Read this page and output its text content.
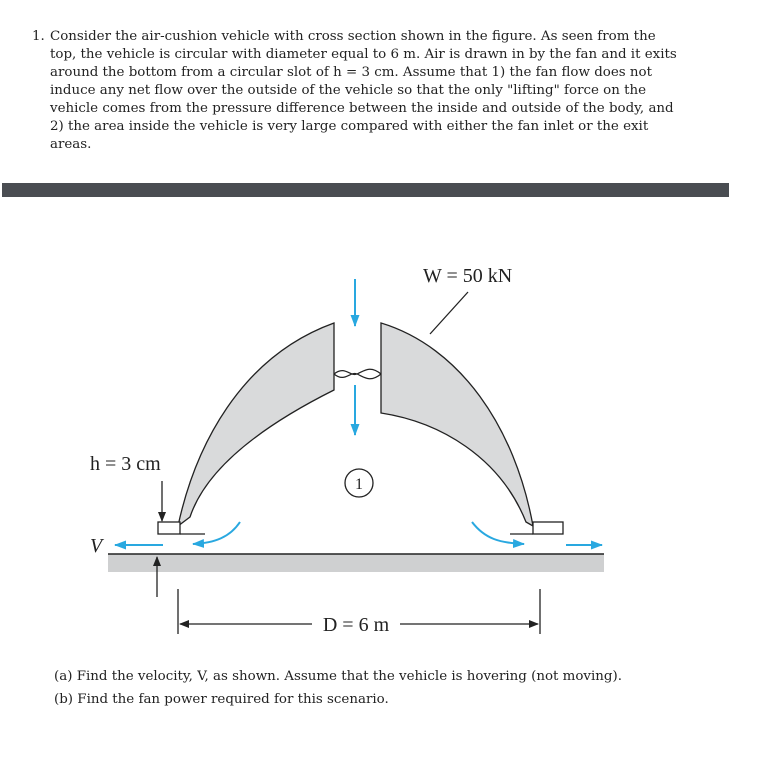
1. Consider the air-cushion vehicle with cross section shown in the figure. As seen from the top, the vehicle is circular with diameter equal to 6 m. Air is drawn in by the fan and it exits around the bottom from a circular slot of h = 3 cm. Assume that 1) the fan flow does not induce any net flow over the outside of the vehicle so that the only "lifting" force on the vehicle comes from the pressure difference between the inside and outside of the body, and 2) the area inside the vehicle is very large compared with either the fan inlet or the exit areas.
W = 50 kN
1
h = 3 cm
V
D = 6 m
(a) Find the velocity, V, as shown. Assume that the vehicle is hovering (not moving).
(b) Find the fan power required for this scenario.
